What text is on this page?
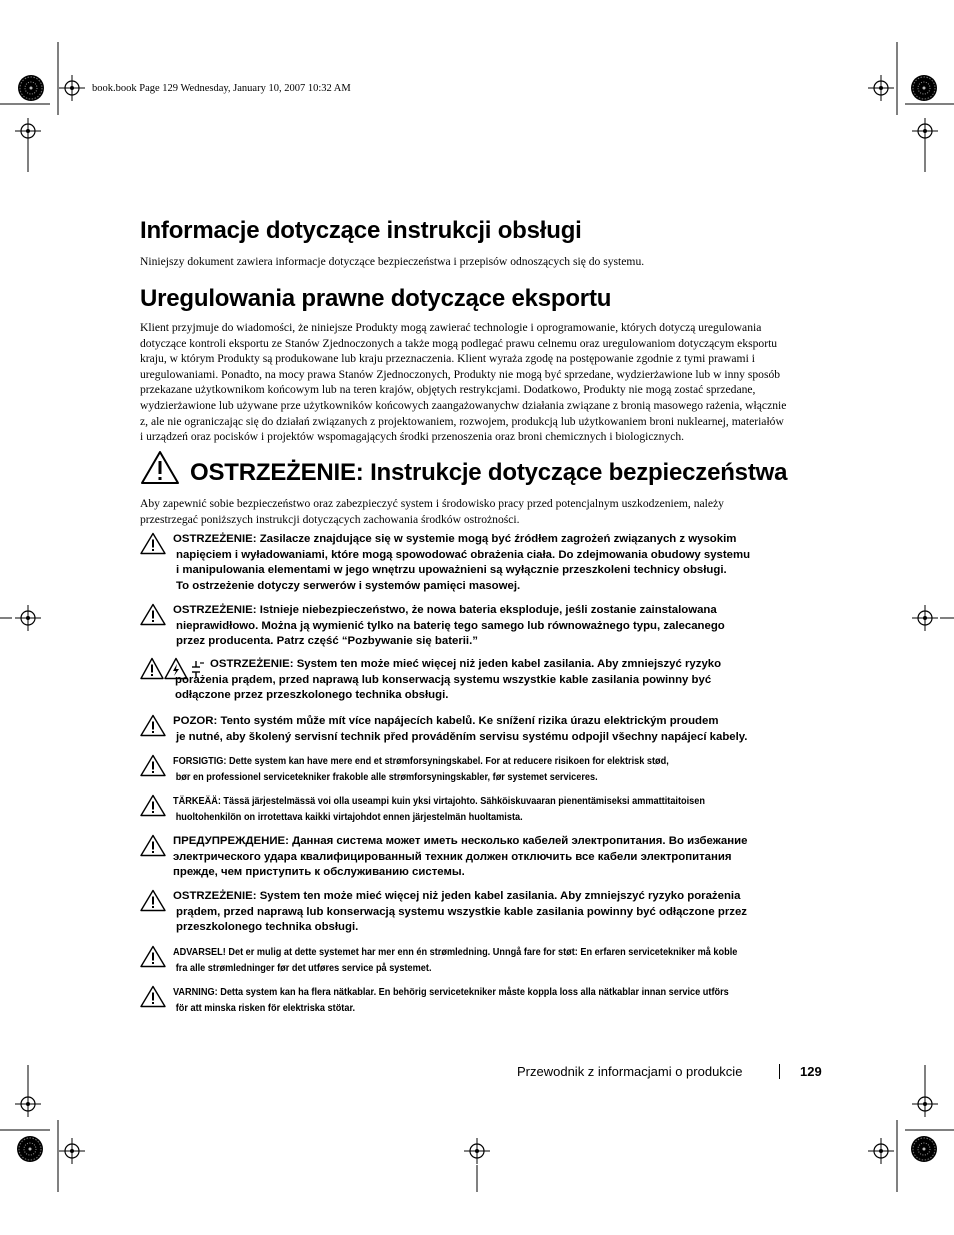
book.book Page 129 Wednesday, January 10, 2007 10:32 AM
Informacje dotyczące instrukcji obsługi
Niniejszy dokument zawiera informacje dotyczące bezpieczeństwa i przepisów odnoszących się do systemu.
Uregulowania prawne dotyczące eksportu
Klient przyjmuje do wiadomości, że niniejsze Produkty mogą zawierać technologie i oprogramowanie, których dotyczą uregulowania
dotyczące kontroli eksportu ze Stanów Zjednoczonych a także mogą podlegać prawu celnemu oraz uregulowaniom dotyczącym eksportu
kraju, w którym Produkty są produkowane lub kraju przeznaczenia. Klient wyraża zgodę na postępowanie zgodnie z tymi prawami i
uregulowaniami. Ponadto, na mocy prawa Stanów Zjednoczonych, Produkty nie mogą być sprzedane, wydzierżawione lub w inny sposób
przekazane użytkownikom końcowym lub na teren krajów, objętych restrykcjami. Dodatkowo, Produkty nie mogą zostać sprzedane,
wydzierżawione lub używane prze użytkowników końcowych zaangażowanychw działania związane z bronią masowego rażenia, włącznie
z, ale nie ograniczając się do działań związanych z projektowaniem, rozwojem, produkcją lub użytkowaniem broni nuklearnej, materiałów
i urządzeń oraz pocisków i projektów wspomagających środki przenoszenia oraz broni chemicznych i biologicznych.
OSTRZEŻENIE: Instrukcje dotyczące bezpieczeństwa
Aby zapewnić sobie bezpieczeństwo oraz zabezpieczyć system i środowisko pracy przed potencjalnym uszkodzeniem, należy
przestrzegać poniższych instrukcji dotyczących zachowania środków ostrożności.
OSTRZEŻENIE: Zasilacze znajdujące się w systemie mogą być źródłem zagrożeń związanych z wysokim
napięciem i wyładowaniami, które mogą spowodować obrażenia ciała. Do zdejmowania obudowy systemu
i manipulowania elementami w jego wnętrzu upoważnieni są wyłącznie przeszkoleni technicy obsługi.
To ostrzeżenie dotyczy serwerów i systemów pamięci masowej.
OSTRZEŻENIE: Istnieje niebezpieczeństwo, że nowa bateria eksploduje, jeśli zostanie zainstalowana
nieprawidłowo. Można ją wymienić tylko na baterię tego samego lub równoważnego typu, zalecanego
przez producenta. Patrz część “Pozbywanie się baterii.”
OSTRZEŻENIE: System ten może mieć więcej niż jeden kabel zasilania. Aby zmniejszyć ryzyko
porażenia prądem, przed naprawą lub konserwacją systemu wszystkie kable zasilania powinny być
odłączone przez przeszkolonego technika obsługi.
POZOR: Tento systém může mít více napájecích kabelů. Ke snížení rizika úrazu elektrickým proudem
je nutné, aby školený servisní technik před prováděním servisu systému odpojil všechny napájecí kabely.
FORSIGTIG: Dette system kan have mere end et strømforsyningskabel. For at reducere risikoen for elektrisk stød,
bør en professionel servicetekniker frakoble alle strømforsyningskabler, før systemet serviceres.
TÄRKEÄÄ: Tässä järjestelmässä voi olla useampi kuin yksi virtajohto. Sähköiskuvaaran pienentämiseksi ammattitaitoisen
huoltohenkilön on irrotettava kaikki virtajohdot ennen järjestelmän huoltamista.
ПРЕДУПРЕЖДЕНИЕ: Данная система может иметь несколько кабелей электропитания. Во избежание
электрического удара квалифицированный техник должен отключить все кабели электропитания
прежде, чем приступить к обслуживанию системы.
OSTRZEŻENIE: System ten może mieć więcej niż jeden kabel zasilania. Aby zmniejszyć ryzyko porażenia
prądem, przed naprawą lub konserwacją systemu wszystkie kable zasilania powinny być odłączone przez
przeszkolonego technika obsługi.
ADVARSEL! Det er mulig at dette systemet har mer enn én strømledning. Unngå fare for støt: En erfaren servicetekniker må koble
fra alle strømledninger før det utføres service på systemet.
VARNING: Detta system kan ha flera nätkablar. En behörig servicetekniker måste koppla loss alla nätkablar innan service utförs
för att minska risken för elektriska stötar.
Przewodnik z informacjami o produkcie	129
